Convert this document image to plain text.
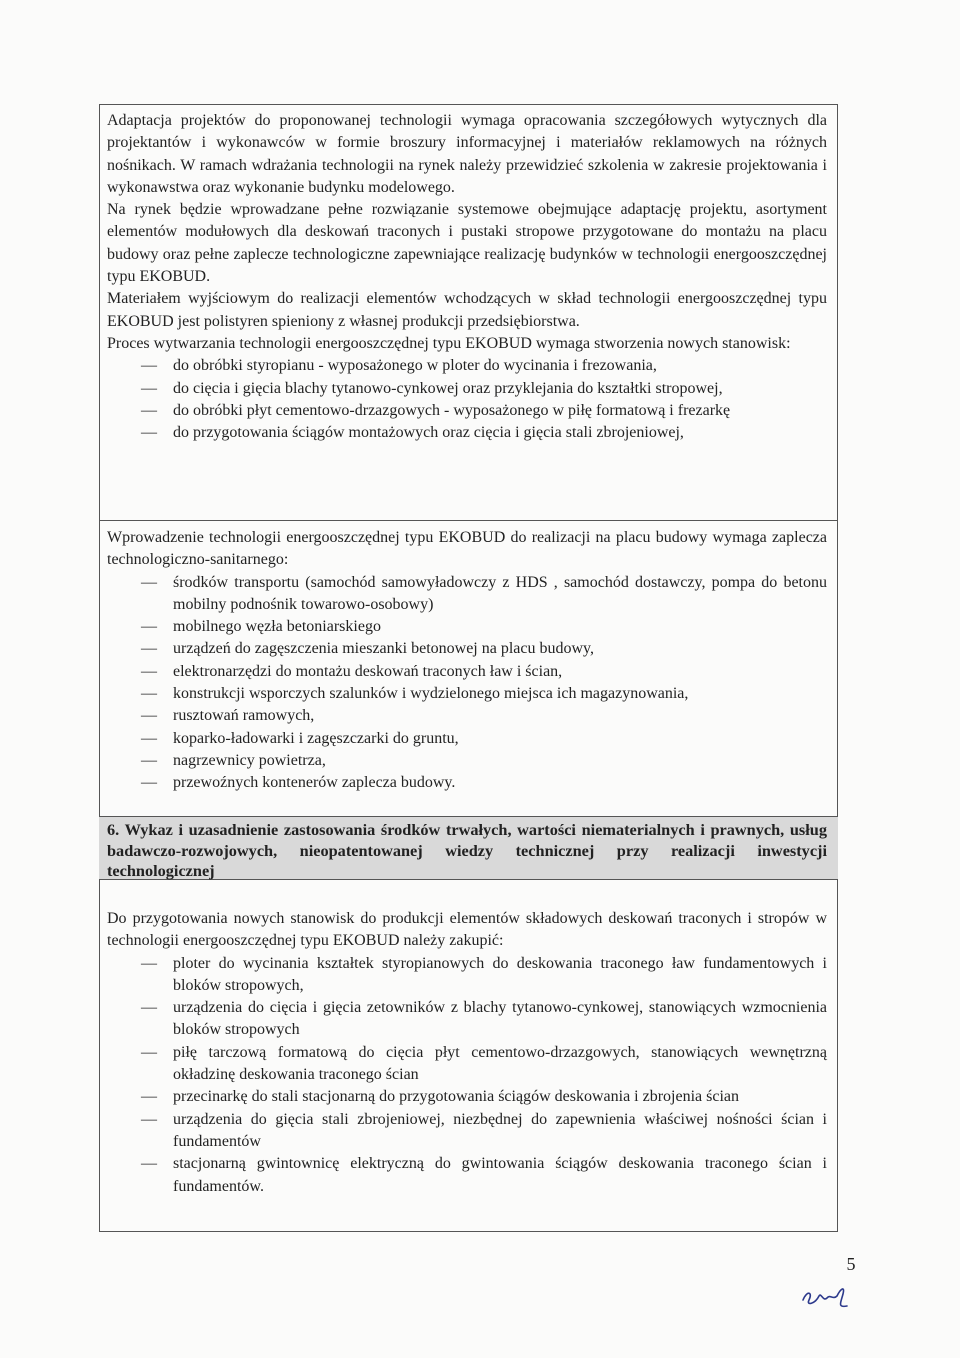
Adaptacja projektów do proponowanej technologii wymaga opracowania szczegółowych wytycznych dla projektantów i wykonawców w formie broszury informacyjnej i materiałów reklamowych na różnych nośnikach. W ramach wdrażania technologii na rynek należy przewidzieć szkolenia w zakresie projektowania i wykonawstwa oraz wykonanie budynku modelowego.

Na rynek będzie wprowadzane pełne rozwiązanie systemowe obejmujące adaptację projektu, asortyment elementów modułowych dla deskowań traconych i pustaki stropowe przygotowane do montażu na placu budowy oraz pełne zaplecze technologiczne zapewniające realizację budynków w technologii energooszczędnej typu EKOBUD.

Materiałem wyjściowym do realizacji elementów wchodzących w skład technologii energooszczędnej typu EKOBUD jest polistyren spieniony z własnej produkcji przedsiębiorstwa.

Proces wytwarzania technologii energooszczędnej typu EKOBUD wymaga stworzenia nowych stanowisk:

— do obróbki styropianu - wyposażonego w ploter do wycinania i frezowania,
— do cięcia i gięcia blachy tytanowo-cynkowej oraz przyklejania do kształtki stropowej,
— do obróbki płyt cementowo-drzazgowych - wyposażonego w piłę formatową i frezarkę
— do przygotowania ściągów montażowych oraz cięcia i gięcia stali zbrojeniowej,

Wprowadzenie technologii energooszczędnej typu EKOBUD do realizacji na placu budowy wymaga zaplecza technologiczno-sanitarnego:

— środków transportu (samochód samowyładowczy z HDS , samochód dostawczy, pompa do betonu mobilny podnośnik towarowo-osobowy)
— mobilnego węzła betoniarskiego
— urządzeń do zagęszczenia mieszanki betonowej na placu budowy,
— elektronarzędzi do montażu deskowań traconych ław i ścian,
— konstrukcji wsporczych szalunków i wydzielonego miejsca ich magazynowania,
— rusztowań ramowych,
— koparko-ładowarki i zagęszczarki do gruntu,
— nagrzewnicy powietrza,
— przewoźnych kontenerów zaplecza budowy.

6. Wykaz i uzasadnienie zastosowania środków trwałych, wartości niematerialnych i prawnych, usług badawczo-rozwojowych, nieopatentowanej wiedzy technicznej przy realizacji inwestycji technologicznej

Do przygotowania nowych stanowisk do produkcji elementów składowych deskowań traconych i stropów w technologii energooszczędnej typu EKOBUD należy zakupić:

— ploter do wycinania kształtek styropianowych do deskowania traconego ław fundamentowych i bloków stropowych,
— urządzenia do cięcia i gięcia zetowników z blachy tytanowo-cynkowej, stanowiących wzmocnienia bloków stropowych
— piłę tarczową formatową do cięcia płyt cementowo-drzazgowych, stanowiących wewnętrzną okładzinę deskowania traconego ścian
— przecinarkę do stali stacjonarną do przygotowania ściągów deskowania i zbrojenia ścian
— urządzenia do gięcia stali zbrojeniowej, niezbędnej do zapewnienia właściwej nośności ścian i fundamentów
— stacjonarną gwintownicę elektryczną do gwintowania ściągów deskowania traconego ścian i fundamentów.
5
